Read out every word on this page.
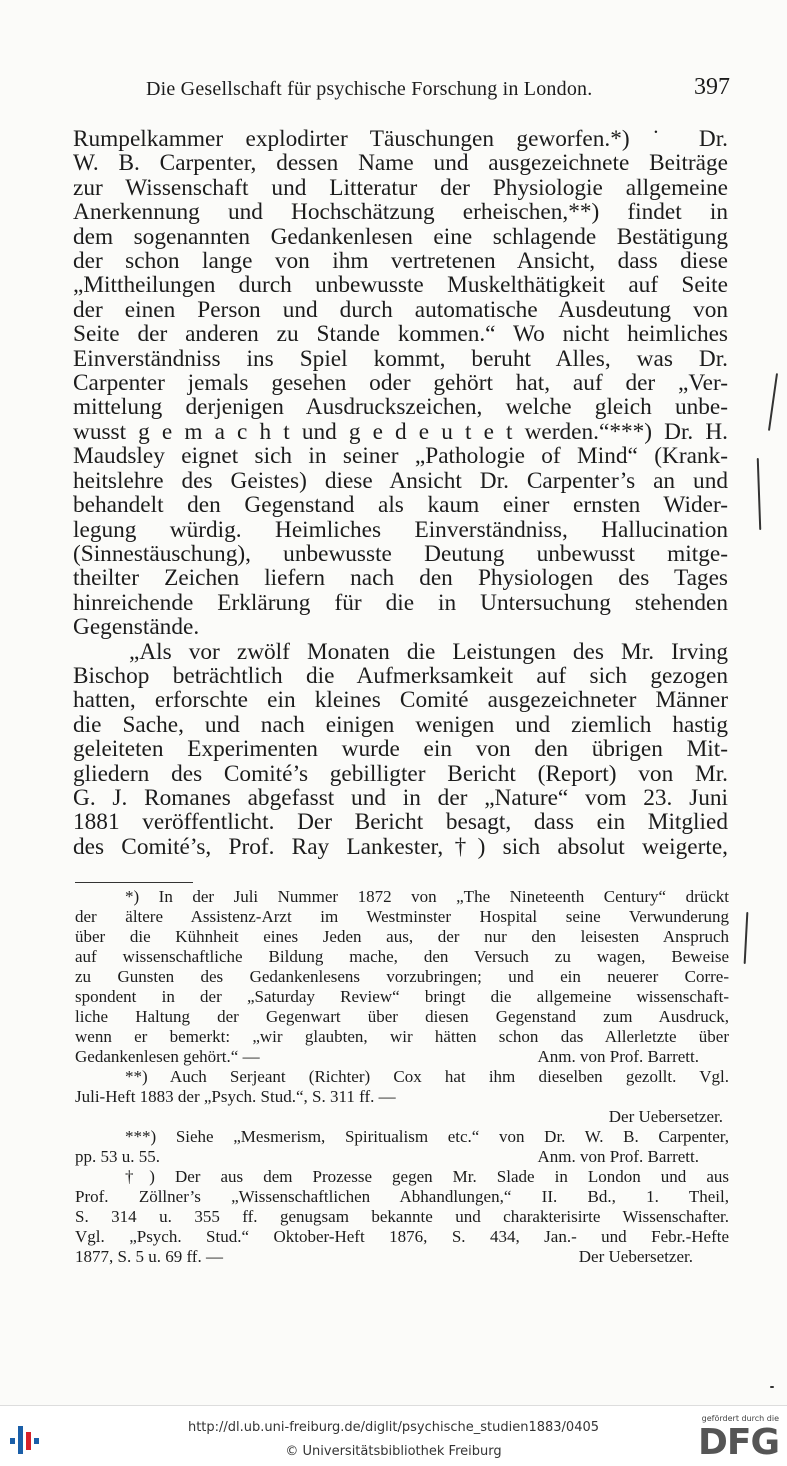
Die Gesellschaft für psychische Forschung in London.	397

Rumpelkammer explodirter Täuschungen geworfen.*) ˙ Dr.

W. B. Carpenter, dessen Name und ausgezeichnete Beiträge

zur Wissenschaft und Litteratur der Physiologie allgemeine

Anerkennung und Hochschätzung erheischen,**) findet in

dem sogenannten Gedankenlesen eine schlagende Bestätigung

der schon lange von ihm vertretenen Ansicht, dass diese

„Mittheilungen durch unbewusste Muskelthätigkeit auf Seite

der einen Person und durch automatische Ausdeutung von

Seite der anderen zu Stande kommen.“ Wo nicht heimliches

Einverständniss ins Spiel kommt, beruht Alles, was Dr.

Carpenter jemals gesehen oder gehört hat, auf der „Ver-

mittelung derjenigen Ausdruckszeichen, welche gleich unbe-

wusst g e m a c h t und g e d e u t e t werden.“***) Dr. H.

Maudsley eignet sich in seiner „Pathologie of Mind“ (Krank-

heitslehre des Geistes) diese Ansicht Dr. Carpenter’s an und

behandelt den Gegenstand als kaum einer ernsten Wider-

legung würdig. Heimliches Einverständniss, Hallucination

(Sinnestäuschung), unbewusste Deutung unbewusst mitge-

theilter Zeichen liefern nach den Physiologen des Tages

hinreichende Erklärung für die in Untersuchung stehenden

Gegenstände.

„Als vor zwölf Monaten die Leistungen des Mr. Irving

Bischop beträchtlich die Aufmerksamkeit auf sich gezogen

hatten, erforschte ein kleines Comité ausgezeichneter Männer

die Sache, und nach einigen wenigen und ziemlich hastig

geleiteten Experimenten wurde ein von den übrigen Mit-

gliedern des Comité’s gebilligter Bericht (Report) von Mr.

G. J. Romanes abgefasst und in der „Nature“ vom 23. Juni

1881 veröffentlicht. Der Bericht besagt, dass ein Mitglied

des Comité’s, Prof. Ray Lankester,†) sich absolut weigerte,

*) In der Juli Nummer 1872 von „The Nineteenth Century“ drückt

der ältere Assistenz-Arzt im Westminster Hospital seine Verwunderung

über die Kühnheit eines Jeden aus, der nur den leisesten Anspruch

auf wissenschaftliche Bildung mache, den Versuch zu wagen, Beweise

zu Gunsten des Gedankenlesens vorzubringen; und ein neuerer Corre-

spondent in der „Saturday Review“ bringt die allgemeine wissenschaft-

liche Haltung der Gegenwart über diesen Gegenstand zum Ausdruck,

wenn er bemerkt: „wir glaubten, wir hätten schon das Allerletzte über

Gedankenlesen gehört.“ —	Anm. von Prof. Barrett.

**) Auch Serjeant (Richter) Cox hat ihm dieselben gezollt. Vgl.

Juli-Heft 1883 der „Psych. Stud.“, S. 311 ff. —

Der Uebersetzer.

***) Siehe „Mesmerism, Spiritualism etc.“ von Dr. W. B. Carpenter,

pp. 53 u. 55.	Anm. von Prof. Barrett.

†) Der aus dem Prozesse gegen Mr. Slade in London und aus

Prof. Zöllner’s „Wissenschaftlichen Abhandlungen,“ II. Bd., 1. Theil,

S. 314 u. 355 ff. genugsam bekannte und charakterisirte Wissenschafter.

Vgl. „Psych. Stud.“ Oktober-Heft 1876, S. 434, Jan.- und Febr.-Hefte

1877, S. 5 u. 69 ff. —	Der Uebersetzer.

http://dl.ub.uni-freiburg.de/diglit/psychische_studien1883/0405
© Universitätsbibliothek Freiburg
gefördert durch die
DFG
